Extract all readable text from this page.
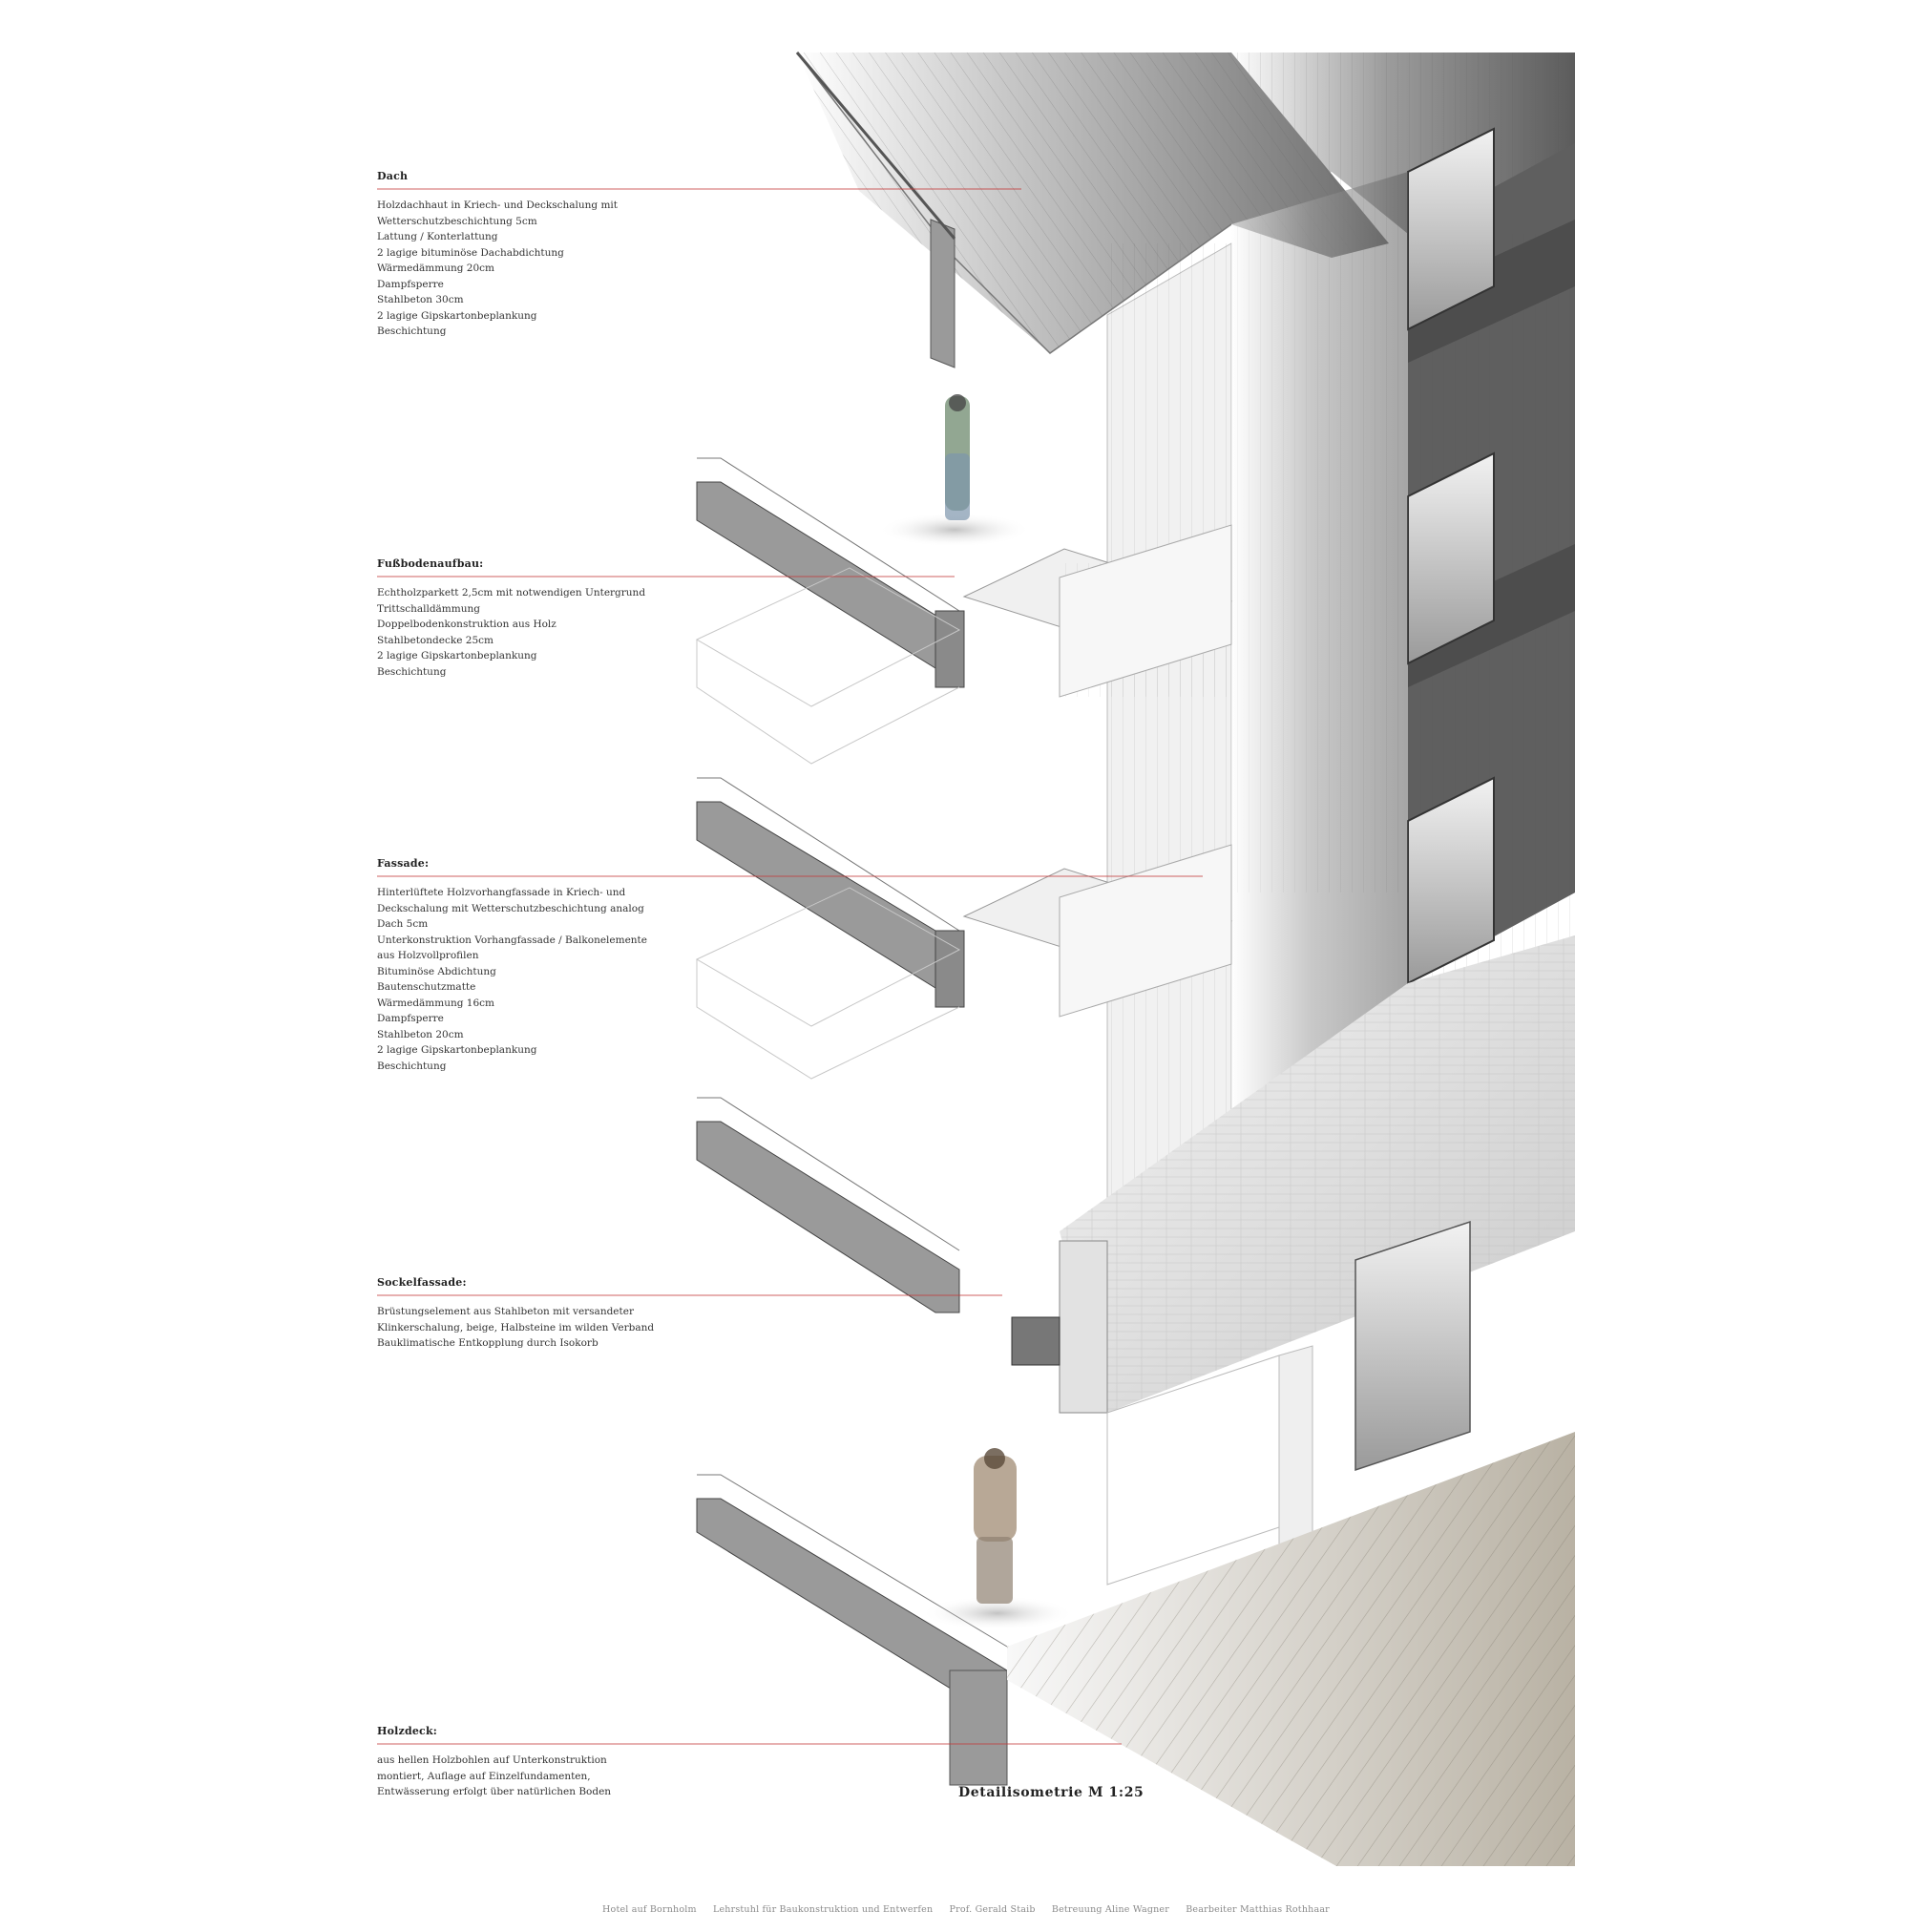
Dach
Holzdachhaut in Kriech- und Deckschalung mit
Wetterschutzbeschichtung 5cm
Lattung / Konterlattung
2 lagige bituminöse Dachabdichtung
Wärmedämmung 20cm
Dampfsperre
Stahlbeton 30cm
2 lagige Gipskartonbeplankung
Beschichtung
Fußbodenaufbau:
Echtholzparkett 2,5cm mit notwendigen Untergrund
Trittschalldämmung
Doppelbodenkonstruktion aus Holz
Stahlbetondecke 25cm
2 lagige Gipskartonbeplankung
Beschichtung
Fassade:
Hinterlüftete Holzvorhangfassade in Kriech- und
Deckschalung mit Wetterschutzbeschichtung analog
Dach 5cm
Unterkonstruktion Vorhangfassade / Balkonelemente
aus Holzvollprofilen
Bituminöse Abdichtung
Bautenschutzmatte
Wärmedämmung 16cm
Dampfsperre
Stahlbeton 20cm
2 lagige Gipskartonbeplankung
Beschichtung
Sockelfassade:
Brüstungselement aus Stahlbeton mit versandeter
Klinkerschalung, beige, Halbsteine im wilden Verband
Bauklimatische Entkopplung durch Isokorb
Holzdeck:
aus hellen Holzbohlen auf Unterkonstruktion
montiert, Auflage auf Einzelfundamenten,
Entwässerung erfolgt über natürlichen Boden	Detailisometrie M 1:25
Hotel auf Bornholm Lehrstuhl für Baukonstruktion und Entwerfen Prof. Gerald Staib Betreuung Aline Wagner Bearbeiter Matthias Rothhaar
